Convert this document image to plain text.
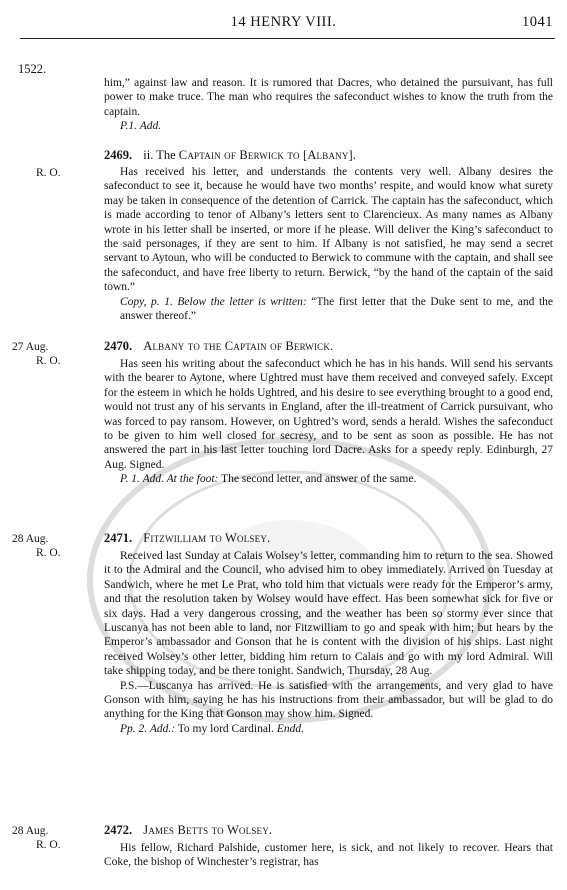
14 HENRY VIII.	1041
1522.

him,” against law and reason. It is rumored that Dacres, who detained the pursuivant, has full power to make truce. The man who requires the safeconduct wishes to know the truth from the captain.

P.1. Add.

R. O.
2469. ii. The Captain of Berwick to [Albany].

Has received his letter, and understands the contents very well. Albany desires the safeconduct to see it, because he would have two months’ respite, and would know what surety may be taken in consequence of the detention of Carrick. The captain has the safeconduct, which is made according to tenor of Albany’s letters sent to Clarencieux. As many names as Albany wrote in his letter shall be inserted, or more if he please. Will deliver the King’s safeconduct to the said personages, if they are sent to him. If Albany is not satisfied, he may send a secret servant to Aytoun, who will be conducted to Berwick to commune with the captain, and shall see the safeconduct, and have free liberty to return. Berwick, “by the hand of the captain of the said town.”

Copy, p. 1. Below the letter is written: “The first letter that the Duke sent to me, and the answer thereof.”

27 Aug.
R. O.
2470. Albany to the Captain of Berwick.

Has seen his writing about the safeconduct which he has in his hands. Will send his servants with the bearer to Aytone, where Ughtred must have them received and conveyed safely. Except for the esteem in which he holds Ughtred, and his desire to see everything brought to a good end, would not trust any of his servants in England, after the ill-treatment of Carrick pursuivant, who was forced to pay ransom. However, on Ughtred’s word, sends a herald. Wishes the safeconduct to be given to him well closed for secresy, and to be sent as soon as possible. He has not answered the part in his last letter touching lord Dacre. Asks for a speedy reply. Edinburgh, 27 Aug. Signed.

P. 1. Add. At the foot: The second letter, and answer of the same.

28 Aug.
R. O.
2471. Fitzwilliam to Wolsey.

Received last Sunday at Calais Wolsey’s letter, commanding him to return to the sea. Showed it to the Admiral and the Council, who advised him to obey immediately. Arrived on Tuesday at Sandwich, where he met Le Prat, who told him that victuals were ready for the Emperor’s army, and that the resolution taken by Wolsey would have effect. Has been somewhat sick for five or six days. Had a very dangerous crossing, and the weather has been so stormy ever since that Luscanya has not been able to land, nor Fitzwilliam to go and speak with him; but hears by the Emperor’s ambassador and Gonson that he is content with the division of his ships. Last night received Wolsey’s other letter, bidding him return to Calais and go with my lord Admiral. Will take shipping today, and be there tonight. Sandwich, Thursday, 28 Aug.

P.S.—Luscanya has arrived. He is satisfied with the arrangements, and very glad to have Gonson with him, saying he has his instructions from their ambassador, but will be glad to do anything for the King that Gonson may show him. Signed.

Pp. 2. Add.: To my lord Cardinal. Endd.

28 Aug.
R. O.
2472. James Betts to Wolsey.

His fellow, Richard Palshide, customer here, is sick, and not likely to recover. Hears that Coke, the bishop of Winchester’s registrar, has
